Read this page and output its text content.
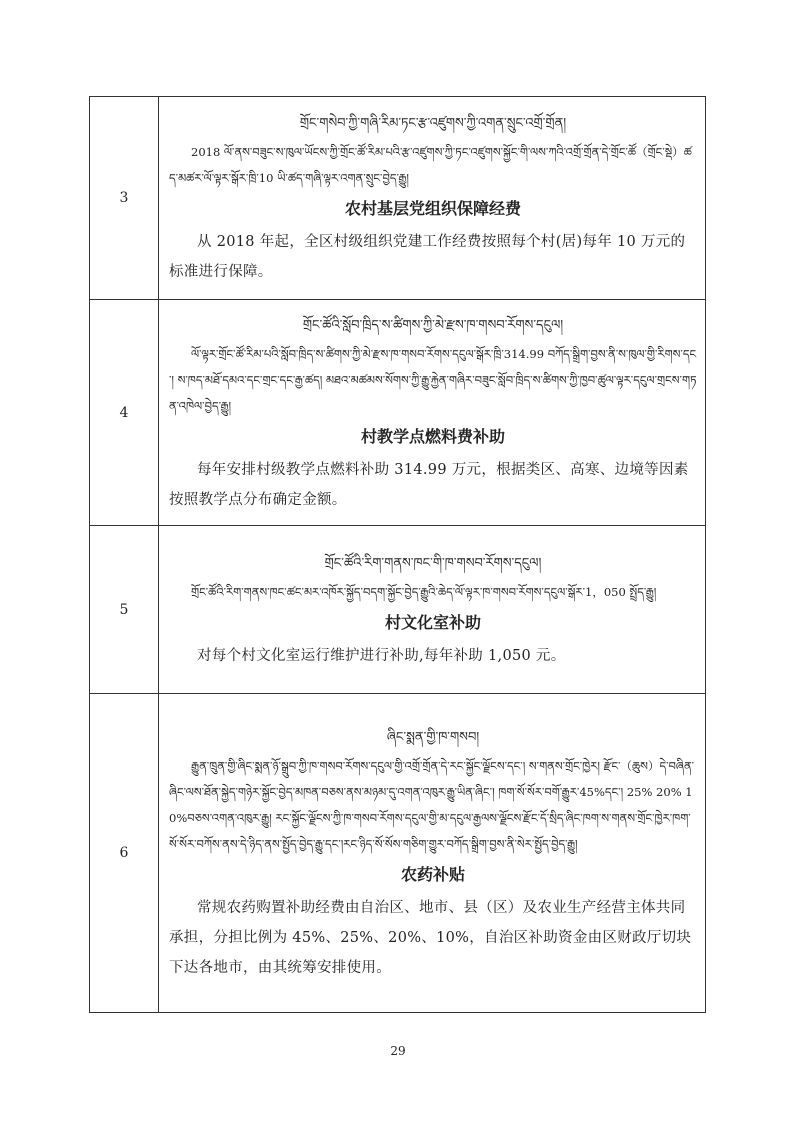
3	གྲོང་གསེབ་ཀྱི་གཞི་རིམ་ཏང་རྩ་འཛུགས་ཀྱི་འགན་སྲུང་འགྲོ་གྲོན།

2018 ལོ་ནས་བཟུང་ས་ཁུལ་ཡོངས་ཀྱི་གྲོང་ཚོ་རིམ་པའི་རྩ་འཛུགས་ཀྱི་ཏང་འཛུགས་སྐྱོང་གི་ལས་ཀའི་འགྲོ་གྲོན་དེ་གྲོང་ཚོ（གྲོང་སྡེ）ཚད་མཚར་ལོ་ལྟར་སྒོར་ཁྲི་10 ཡི་ཚད་གཞི་ལྟར་འགན་སྲུང་བྱེད་རྒྱུ།

农村基层党组织保障经费

从 2018 年起，全区村级组织党建工作经费按照每个村(居)每年 10 万元的标准进行保障。

4	གྲོང་ཚོའི་སློབ་ཁྲིད་ས་ཚིགས་ཀྱི་མེ་རྫས་ཁ་གསབ་རོགས་དངུལ།

ལོ་ལྟར་གྲོང་ཚོ་རིམ་པའི་སློབ་ཁྲིད་ས་ཚིགས་ཀྱི་མེ་རྫས་ཁ་གསབ་རོགས་དངུལ་སྒོར་ཁྲི་314.99 བཀོད་སྒྲིག་བྱས་ནི་ས་ཁུལ་གྱི་རིགས་དང་། ས་ཁད་མཐོ་དམའ་དང་གྲང་དང་རྒྱ་ཚད། མཐའ་མཚམས་སོགས་ཀྱི་རྒྱུ་རྐྱེན་གཞིར་བཟུང་སློབ་ཁྲིད་ས་ཚིགས་ཀྱི་ཁྱབ་ཚུལ་ལྟར་དངུལ་གྲངས་གཏན་འཁེལ་བྱེད་རྒྱུ།

村教学点燃料费补助

每年安排村级教学点燃料补助 314.99 万元，根据类区、高寒、边境等因素按照教学点分布确定金额。

5	གྲོང་ཚོའི་རིག་གནས་ཁང་གི་ཁ་གསབ་རོགས་དངུལ།

གྲོང་ཚོའི་རིག་གནས་ཁང་ཚང་མར་འཁོར་སྐྱོད་བདག་སྐྱོང་བྱེད་རྒྱུའི་ཆེད་ལོ་ལྟར་ཁ་གསབ་རོགས་དངུལ་སྒོར་1，050 སྤྲོད་རྒྱུ།

村文化室补助

对每个村文化室运行维护进行补助,每年补助 1,050 元。

6	ཞིང་སྨན་གྱི་ཁ་གསབ།

རྒྱུན་ཁྲུན་གྱི་ཞིང་སྨན་ཉོ་སྒྲུབ་ཀྱི་ཁ་གསབ་རོགས་དངུལ་གྱི་འགྲོ་གྲོན་དེ་རང་སྐྱོང་ལྗོངས་དང་། ས་གནས་གྲོང་ཁྱེར། རྫོང་（ཆུས）དེ་བཞིན་ཞིང་ལས་ཐོན་སྐྱེད་གཉེར་སྐྱོང་བྱེད་མཁན་བཅས་ནས་མཉམ་དུ་འགན་འཁུར་རྒྱུ་ཡིན་ཞིང་། ཁག་སོ་སོར་བགོ་རྒྱུར་45%དང་། 25% 20% 10%བཅས་འགན་འཁུར་རྒྱུ། རང་སྐྱོང་ལྗོངས་ཀྱི་ཁ་གསབ་རོགས་དངུལ་གྱི་མ་དངུལ་རྒྱལས་ལྗོངས་རྫོང་དོ་སྲིད་ཞིང་ཁག་ས་གནས་གྲོང་ཁྱེར་ཁག་སོ་སོར་བཀོས་ནས་དེ་ཉིད་ནས་སྤྱོད་བྱེད་རྒྱུ་དང་།རང་ཉིད་སོ་སོས་གཅིག་གྱུར་བཀོད་སྒྲིག་བྱས་ནི་སེར་སྤྱོད་བྱེད་རྒྱུ།

农药补贴

常规农药购置补助经费由自治区、地市、县（区）及农业生产经营主体共同承担，分担比例为 45%、25%、20%、10%，自治区补助资金由区财政厅切块下达各地市，由其统筹安排使用。

29
